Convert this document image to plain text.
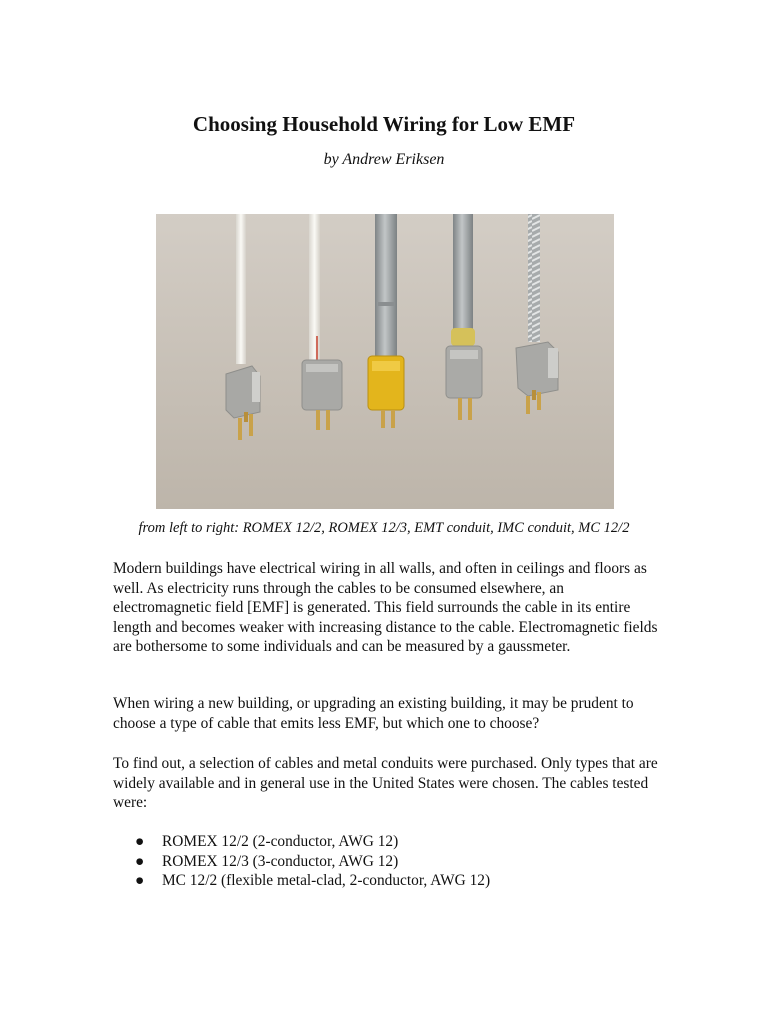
Choosing Household Wiring for Low EMF
by Andrew Eriksen
from left to right: ROMEX 12/2, ROMEX 12/3, EMT conduit, IMC conduit, MC 12/2

Modern buildings have electrical wiring in all walls, and often in ceilings and floors as well. As electricity runs through the cables to be consumed elsewhere, an electromagnetic field [EMF] is generated. This field surrounds the cable in its entire length and becomes weaker with increasing distance to the cable. Electromagnetic fields are bothersome to some individuals and can be measured by a gaussmeter.

When wiring a new building, or upgrading an existing building, it may be prudent to choose a type of cable that emits less EMF, but which one to choose?

To find out, a selection of cables and metal conduits were purchased. Only types that are widely available and in general use in the United States were chosen. The cables tested were:

● ROMEX 12/2 (2-conductor, AWG 12)
● ROMEX 12/3 (3-conductor, AWG 12)
● MC 12/2 (flexible metal-clad, 2-conductor, AWG 12)
